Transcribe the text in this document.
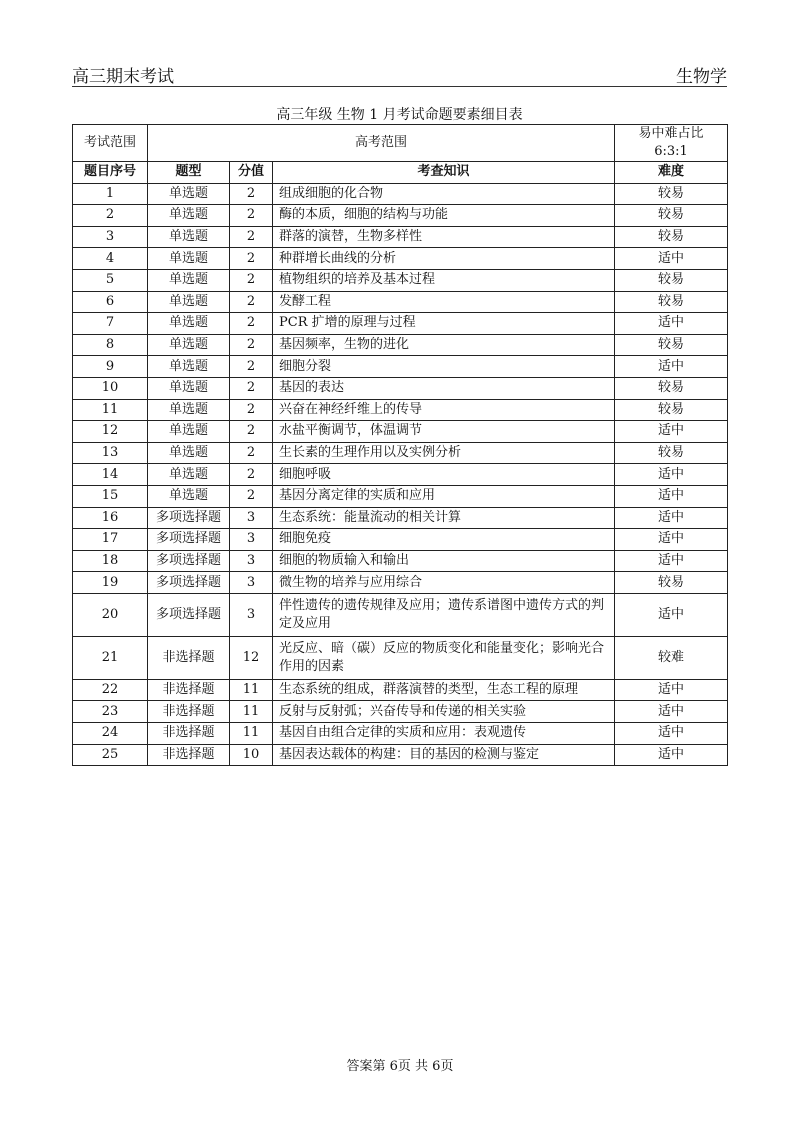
高三期末考试	生物学
高三年级 生物 1 月考试命题要素细目表
考试范围	高考范围			易中难占比 6:3:1
题目序号	题型	分值	考查知识	难度
1	单选题	2	组成细胞的化合物	较易
2	单选题	2	酶的本质，细胞的结构与功能	较易
3	单选题	2	群落的演替，生物多样性	较易
4	单选题	2	种群增长曲线的分析	适中
5	单选题	2	植物组织的培养及基本过程	较易
6	单选题	2	发酵工程	较易
7	单选题	2	PCR 扩增的原理与过程	适中
8	单选题	2	基因频率，生物的进化	较易
9	单选题	2	细胞分裂	适中
10	单选题	2	基因的表达	较易
11	单选题	2	兴奋在神经纤维上的传导	较易
12	单选题	2	水盐平衡调节，体温调节	适中
13	单选题	2	生长素的生理作用以及实例分析	较易
14	单选题	2	细胞呼吸	适中
15	单选题	2	基因分离定律的实质和应用	适中
16	多项选择题	3	生态系统：能量流动的相关计算	适中
17	多项选择题	3	细胞免疫	适中
18	多项选择题	3	细胞的物质输入和输出	适中
19	多项选择题	3	微生物的培养与应用综合	较易
20	多项选择题	3	伴性遗传的遗传规律及应用；遗传系谱图中遗传方式的判定及应用	适中
21	非选择题	12	光反应、暗（碳）反应的物质变化和能量变化；影响光合作用的因素	较难
22	非选择题	11	生态系统的组成，群落演替的类型，生态工程的原理	适中
23	非选择题	11	反射与反射弧；兴奋传导和传递的相关实验	适中
24	非选择题	11	基因自由组合定律的实质和应用：表观遗传	适中
25	非选择题	10	基因表达载体的构建：目的基因的检测与鉴定	适中
答案第 6页 共 6页
